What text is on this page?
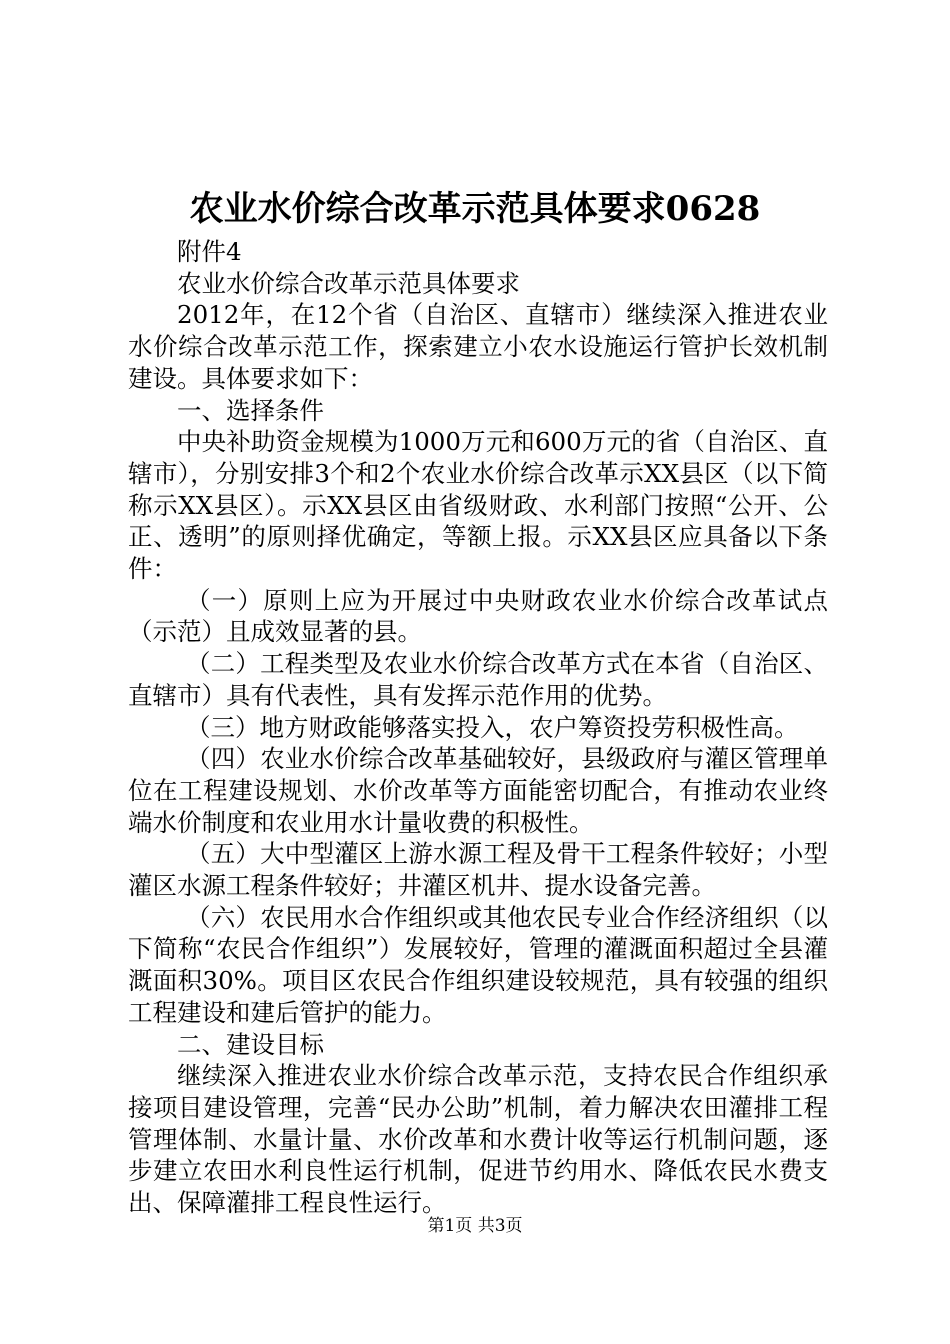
农业水价综合改革示范具体要求0628

附件4

农业水价综合改革示范具体要求

2012年，在12个省（自治区、直辖市）继续深入推进农业水价综合改革示范工作，探索建立小农水设施运行管护长效机制建设。具体要求如下：

一、选择条件

中央补助资金规模为1000万元和600万元的省（自治区、直辖市），分别安排3个和2个农业水价综合改革示XX县区（以下简称示XX县区）。示XX县区由省级财政、水利部门按照“公开、公正、透明”的原则择优确定，等额上报。示XX县区应具备以下条件：

（一）原则上应为开展过中央财政农业水价综合改革试点（示范）且成效显著的县。

（二）工程类型及农业水价综合改革方式在本省（自治区、直辖市）具有代表性，具有发挥示范作用的优势。

（三）地方财政能够落实投入，农户筹资投劳积极性高。

（四）农业水价综合改革基础较好，县级政府与灌区管理单位在工程建设规划、水价改革等方面能密切配合，有推动农业终端水价制度和农业用水计量收费的积极性。

（五）大中型灌区上游水源工程及骨干工程条件较好；小型灌区水源工程条件较好；井灌区机井、提水设备完善。

（六）农民用水合作组织或其他农民专业合作经济组织（以下简称“农民合作组织”）发展较好，管理的灌溉面积超过全县灌溉面积30%。项目区农民合作组织建设较规范，具有较强的组织工程建设和建后管护的能力。

二、建设目标

继续深入推进农业水价综合改革示范，支持农民合作组织承接项目建设管理，完善“民办公助”机制，着力解决农田灌排工程管理体制、水量计量、水价改革和水费计收等运行机制问题，逐步建立农田水利良性运行机制，促进节约用水、降低农民水费支出、保障灌排工程良性运行。

第1页 共3页
